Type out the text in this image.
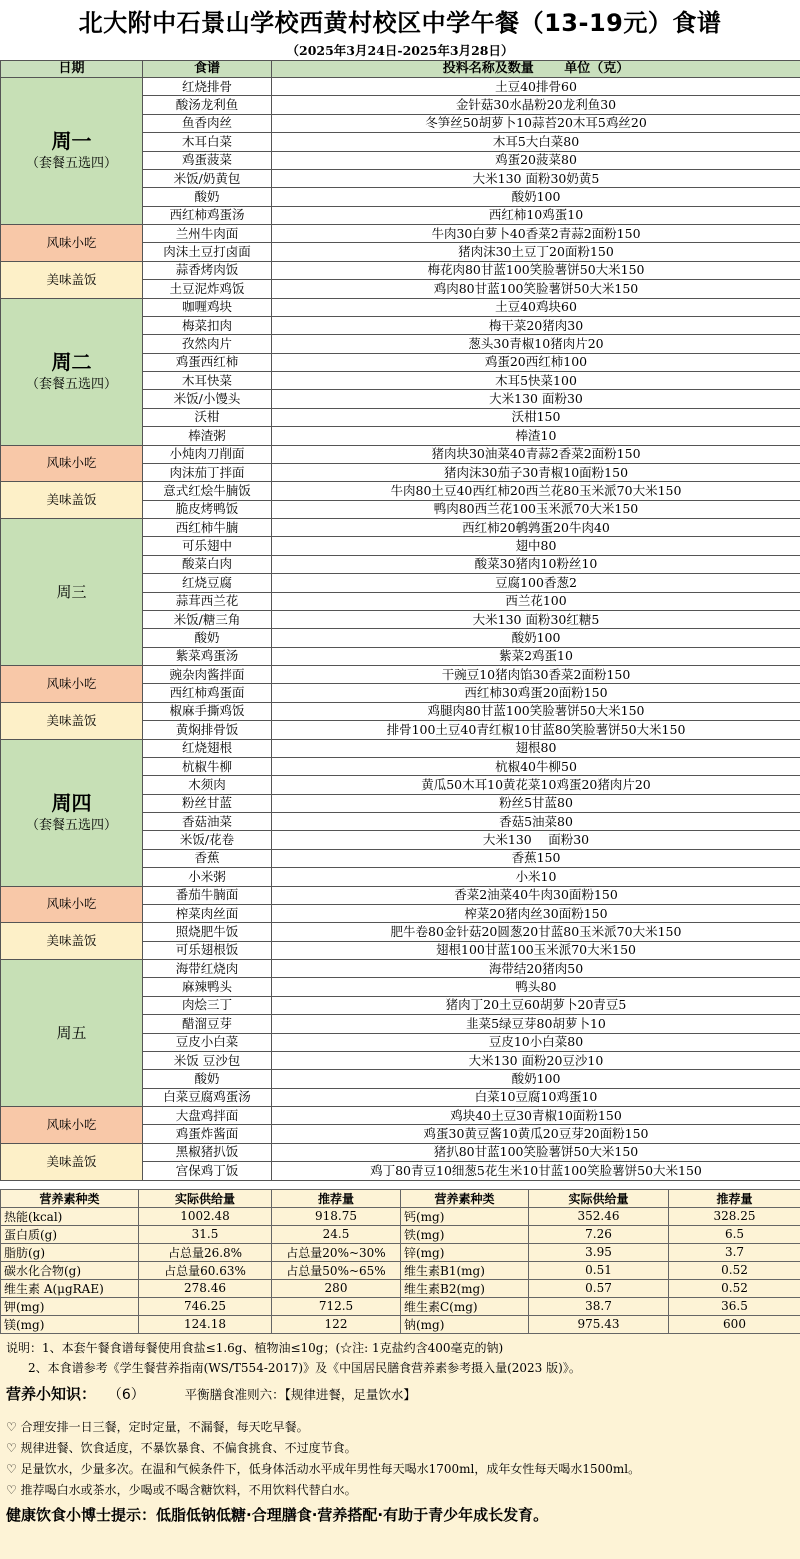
北大附中石景山学校西黄村校区中学午餐（13-19元）食谱
（2025年3月24日-2025年3月28日）
日期	食谱	投料名称及数量 　　单位（克）

周一
（套餐五选四）	红烧排骨	土豆40排骨60
	酸汤龙利鱼	金针菇30水晶粉20龙利鱼30
	鱼香肉丝	冬笋丝50胡萝卜10蒜苔20木耳5鸡丝20
	木耳白菜	木耳5大白菜80
	鸡蛋菠菜	鸡蛋20菠菜80
	米饭/奶黄包	大米130 面粉30奶黄5
	酸奶	酸奶100
	西红柿鸡蛋汤	西红柿10鸡蛋10
风味小吃	兰州牛肉面	牛肉30白萝卜40香菜2青蒜2面粉150
	肉沫土豆打卤面	猪肉沫30土豆丁20面粉150
美味盖饭	蒜香烤肉饭	梅花肉80甘蓝100笑脸薯饼50大米150
	土豆泥炸鸡饭	鸡肉80甘蓝100笑脸薯饼50大米150

周二
（套餐五选四）	咖喱鸡块	土豆40鸡块60
	梅菜扣肉	梅干菜20猪肉30
	孜然肉片	葱头30青椒10猪肉片20
	鸡蛋西红柿	鸡蛋20西红柿100
	木耳快菜	木耳5快菜100
	米饭/小馒头	大米130 面粉30
	沃柑	沃柑150
	棒渣粥	棒渣10
风味小吃	小炖肉刀削面	猪肉块30油菜40青蒜2香菜2面粉150
	肉沫茄丁拌面	猪肉沫30茄子30青椒10面粉150
美味盖饭	意式红烩牛腩饭	牛肉80土豆40西红柿20西兰花80玉米派70大米150
	脆皮烤鸭饭	鸭肉80西兰花100玉米派70大米150
周三	西红柿牛腩	西红柿20鹌鹑蛋20牛肉40
	可乐翅中	翅中80
	酸菜白肉	酸菜30猪肉10粉丝10
	红烧豆腐	豆腐100香葱2
	蒜茸西兰花	西兰花100
	米饭/糖三角	大米130 面粉30红糖5
	酸奶	酸奶100
	紫菜鸡蛋汤	紫菜2鸡蛋10
风味小吃	豌杂肉酱拌面	干豌豆10猪肉馅30香菜2面粉150
	西红柿鸡蛋面	西红柿30鸡蛋20面粉150
美味盖饭	椒麻手撕鸡饭	鸡腿肉80甘蓝100笑脸薯饼50大米150
	黄焖排骨饭	排骨100土豆40青红椒10甘蓝80笑脸薯饼50大米150

周四
（套餐五选四）	红烧翅根	翅根80
	杭椒牛柳	杭椒40牛柳50
	木须肉	黄瓜50木耳10黄花菜10鸡蛋20猪肉片20
	粉丝甘蓝	粉丝5甘蓝80
	香菇油菜	香菇5油菜80
	米饭/花卷	大米130 　面粉30
	香蕉	香蕉150
	小米粥	小米10
风味小吃	番茄牛腩面	香菜2油菜40牛肉30面粉150
	榨菜肉丝面	榨菜20猪肉丝30面粉150
美味盖饭	照烧肥牛饭	肥牛卷80金针菇20圆葱20甘蓝80玉米派70大米150
	可乐翅根饭	翅根100甘蓝100玉米派70大米150
周五	海带红烧肉	海带结20猪肉50
	麻辣鸭头	鸭头80
	肉烩三丁	猪肉丁20土豆60胡萝卜20青豆5
	醋溜豆芽	韭菜5绿豆芽80胡萝卜10
	豆皮小白菜	豆皮10小白菜80
	米饭 豆沙包	大米130 面粉20豆沙10
	酸奶	酸奶100
	白菜豆腐鸡蛋汤	白菜10豆腐10鸡蛋10
风味小吃	大盘鸡拌面	鸡块40土豆30青椒10面粉150
	鸡蛋炸酱面	鸡蛋30黄豆酱10黄瓜20豆芽20面粉150
美味盖饭	黑椒猪扒饭	猪扒80甘蓝100笑脸薯饼50大米150
	宫保鸡丁饭	鸡丁80青豆10细葱5花生米10甘蓝100笑脸薯饼50大米150
营养素种类	实际供给量	推荐量	营养素种类	实际供给量	推荐量
热能(kcal)	1002.48	918.75	钙(mg)	352.46	328.25
蛋白质(g)	31.5	24.5	铁(mg)	7.26	6.5
脂肪(g)	占总量26.8%	占总量20%~30%	锌(mg)	3.95	3.7
碳水化合物(g)	占总量60.63%	占总量50%~65%	维生素B1(mg)	0.51	0.52
维生素 A(μgRAE)	278.46	280	维生素B2(mg)	0.57	0.52
钾(mg)	746.25	712.5	维生素C(mg)	38.7	36.5
镁(mg)	124.18	122	钠(mg)	975.43	600

说明：1、本套午餐食谱每餐使用食盐≤1.6g、植物油≤10g；(☆注: 1克盐约含400毫克的钠)

2、本食谱参考《学生餐营养指南(WS/T554-2017)》及《中国居民膳食营养素参考摄入量(2023 版)》。

营养小知识： （6）	平衡膳食准则六：【规律进餐，足量饮水】

♡ 合理安排一日三餐，定时定量，不漏餐，每天吃早餐。

♡ 规律进餐、饮食适度，不暴饮暴食、不偏食挑食、不过度节食。

♡ 足量饮水，少量多次。在温和气候条件下，低身体活动水平成年男性每天喝水1700ml，成年女性每天喝水1500ml。

♡ 推荐喝白水或茶水，少喝或不喝含糖饮料，不用饮料代替白水。

健康饮食小博士提示：低脂低钠低糖·合理膳食·营养搭配·有助于青少年成长发育。
